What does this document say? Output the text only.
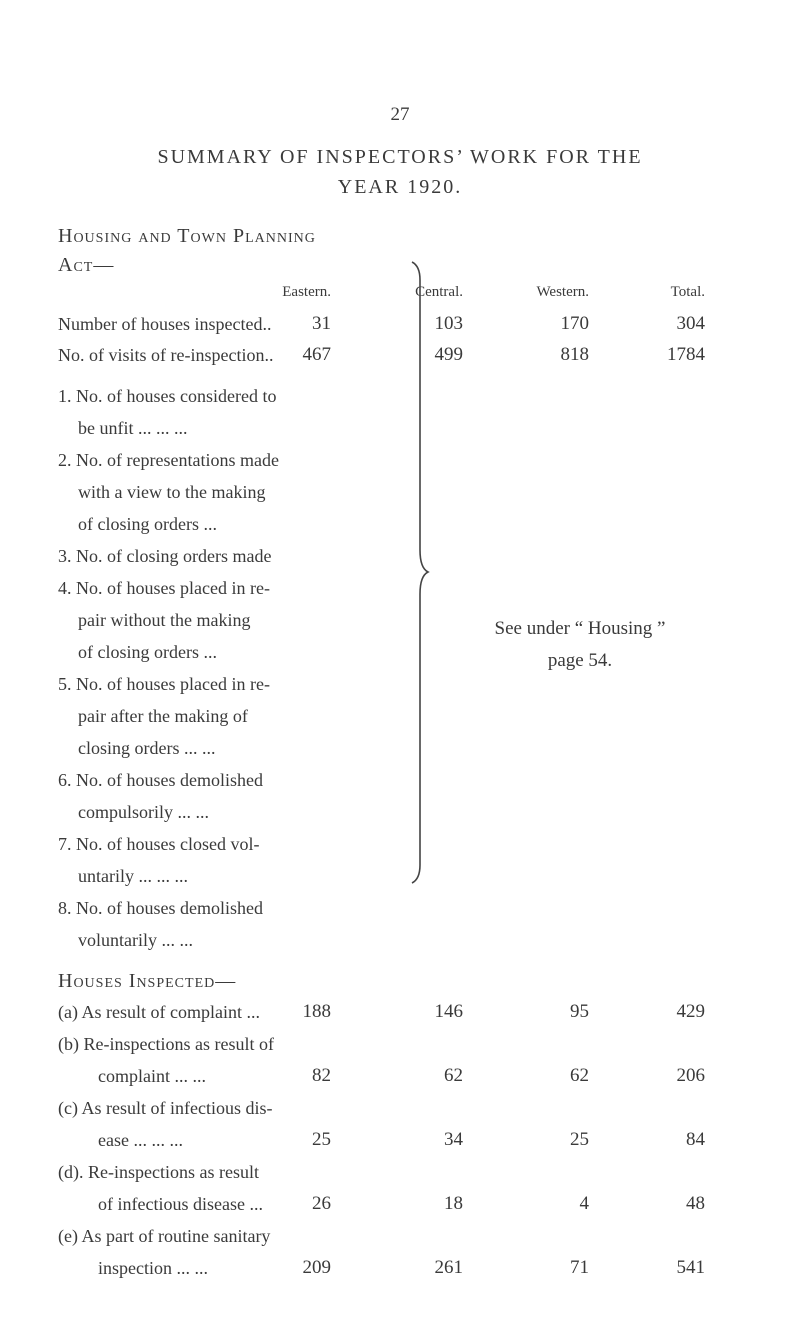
27
SUMMARY OF INSPECTORS’ WORK FOR THE
YEAR 1920.
Housing and Town Planning
Act—
Eastern.	Central.	Western.	Total.
Number of houses inspected..	31	103	170	304
No. of visits of re-inspection..	467	499	818	1784
1. No. of houses considered to
be unfit ... ... ...
2. No. of representations made
with a view to the making
of closing orders ...
3. No. of closing orders made
4. No. of houses placed in re-
pair without the making
of closing orders ...
5. No. of houses placed in re-
pair after the making of
closing orders ... ...
6. No. of houses demolished
compulsorily ... ...
7. No. of houses closed vol-
untarily ... ... ...
8. No. of houses demolished
voluntarily ... ...
See under “ Housing ”
page 54.
Houses Inspected—
(a) As result of complaint ...	188	146	95	429
(b) Re-inspections as result of
complaint ... ...	82	62	62	206
(c) As result of infectious dis-
ease ... ... ...	25	34	25	84
(d). Re-inspections as result
of infectious disease ...	26	18	4	48
(e) As part of routine sanitary
inspection ... ...	209	261	71	541
